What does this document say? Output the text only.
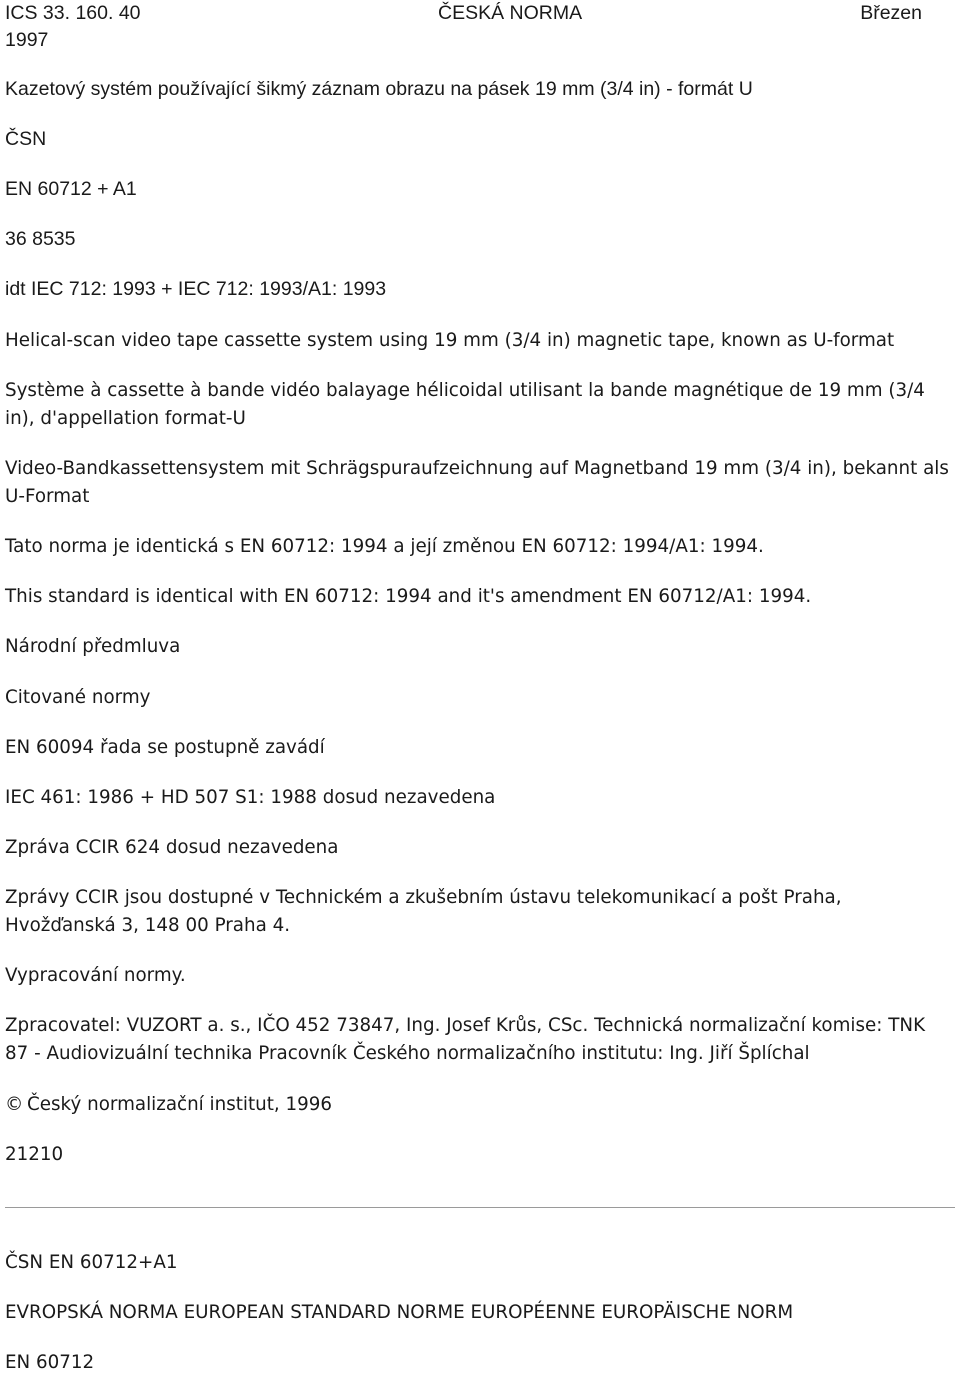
ICS 33. 160. 40
1997
ČESKÁ NORMA	Březen
Kazetový systém používající šikmý záznam obrazu na pásek 19 mm (3/4 in) - formát U
ČSN
EN 60712 + A1
36 8535
idt IEC 712: 1993 + IEC 712: 1993/A1: 1993
Helical-scan video tape cassette system using 19 mm (3/4 in) magnetic tape, known as U-format
Système à cassette à bande vidéo balayage hélicoidal utilisant la bande magnétique de 19 mm (3/4 in), d'appellation format-U
Video-Bandkassettensystem mit Schrägspuraufzeichnung auf Magnetband 19 mm (3/4 in), bekannt als U-Format
Tato norma je identická s EN 60712: 1994 a její změnou EN 60712: 1994/A1: 1994.
This standard is identical with EN 60712: 1994 and it's amendment EN 60712/A1: 1994.
Národní předmluva
Citované normy
EN 60094 řada se postupně zavádí
IEC 461: 1986 + HD 507 S1: 1988 dosud nezavedena
Zpráva CCIR 624 dosud nezavedena
Zprávy CCIR jsou dostupné v Technickém a zkušebním ústavu telekomunikací a pošt Praha, Hvožďanská 3, 148 00 Praha 4.
Vypracování normy.
Zpracovatel: VUZORT a. s., IČO 452 73847, Ing. Josef Krůs, CSc. Technická normalizační komise: TNK 87 - Audiovizuální technika Pracovník Českého normalizačního institutu: Ing. Jiří Šplíchal
© Český normalizační institut, 1996
21210
ČSN EN 60712+A1
EVROPSKÁ NORMA EUROPEAN STANDARD NORME EUROPÉENNE EUROPÄISCHE NORM
EN 60712
